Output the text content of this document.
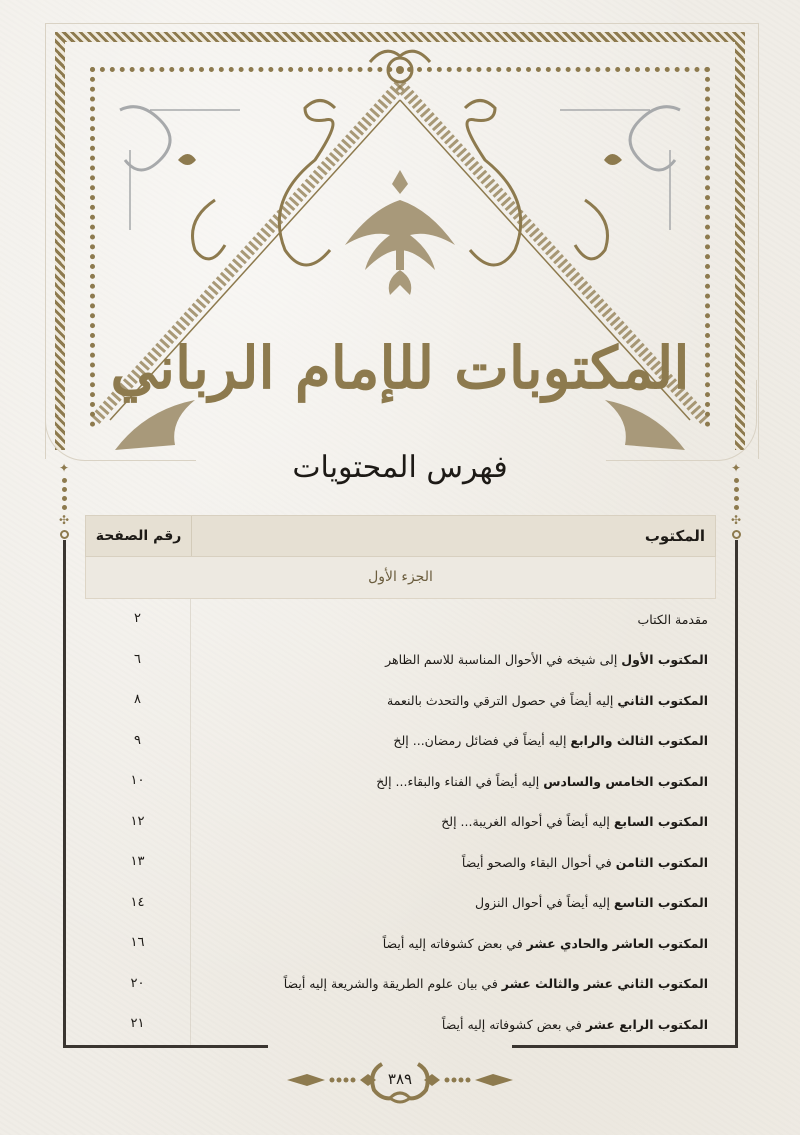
المكتوبات للإمام الرباني
فهرس المحتويات
✦
✣
✦
✣
المكتوب
رقم الصفحة
الجزء الأول
مقدمة الكتاب
٢
المكتوب الأول إلى شيخه في الأحوال المناسبة للاسم الظاهر
٦
المكتوب الثاني إليه أيضاً في حصول الترقي والتحدث بالنعمة
٨
المكتوب الثالث والرابع إليه أيضاً في فضائل رمضان... إلخ
٩
المكتوب الخامس والسادس إليه أيضاً في الفناء والبقاء... إلخ
١٠
المكتوب السابع إليه أيضاً في أحواله الغريبة... إلخ
١٢
المكتوب الثامن في أحوال البقاء والصحو أيضاً
١٣
المكتوب التاسع إليه أيضاً في أحوال النزول
١٤
المكتوب العاشر والحادي عشر في بعض كشوفاته إليه أيضاً
١٦
المكتوب الثاني عشر والثالث عشر في بيان علوم الطريقة والشريعة إليه أيضاً
٢٠
المكتوب الرابع عشر في بعض كشوفاته إليه أيضاً
٢١
٣٨٩
